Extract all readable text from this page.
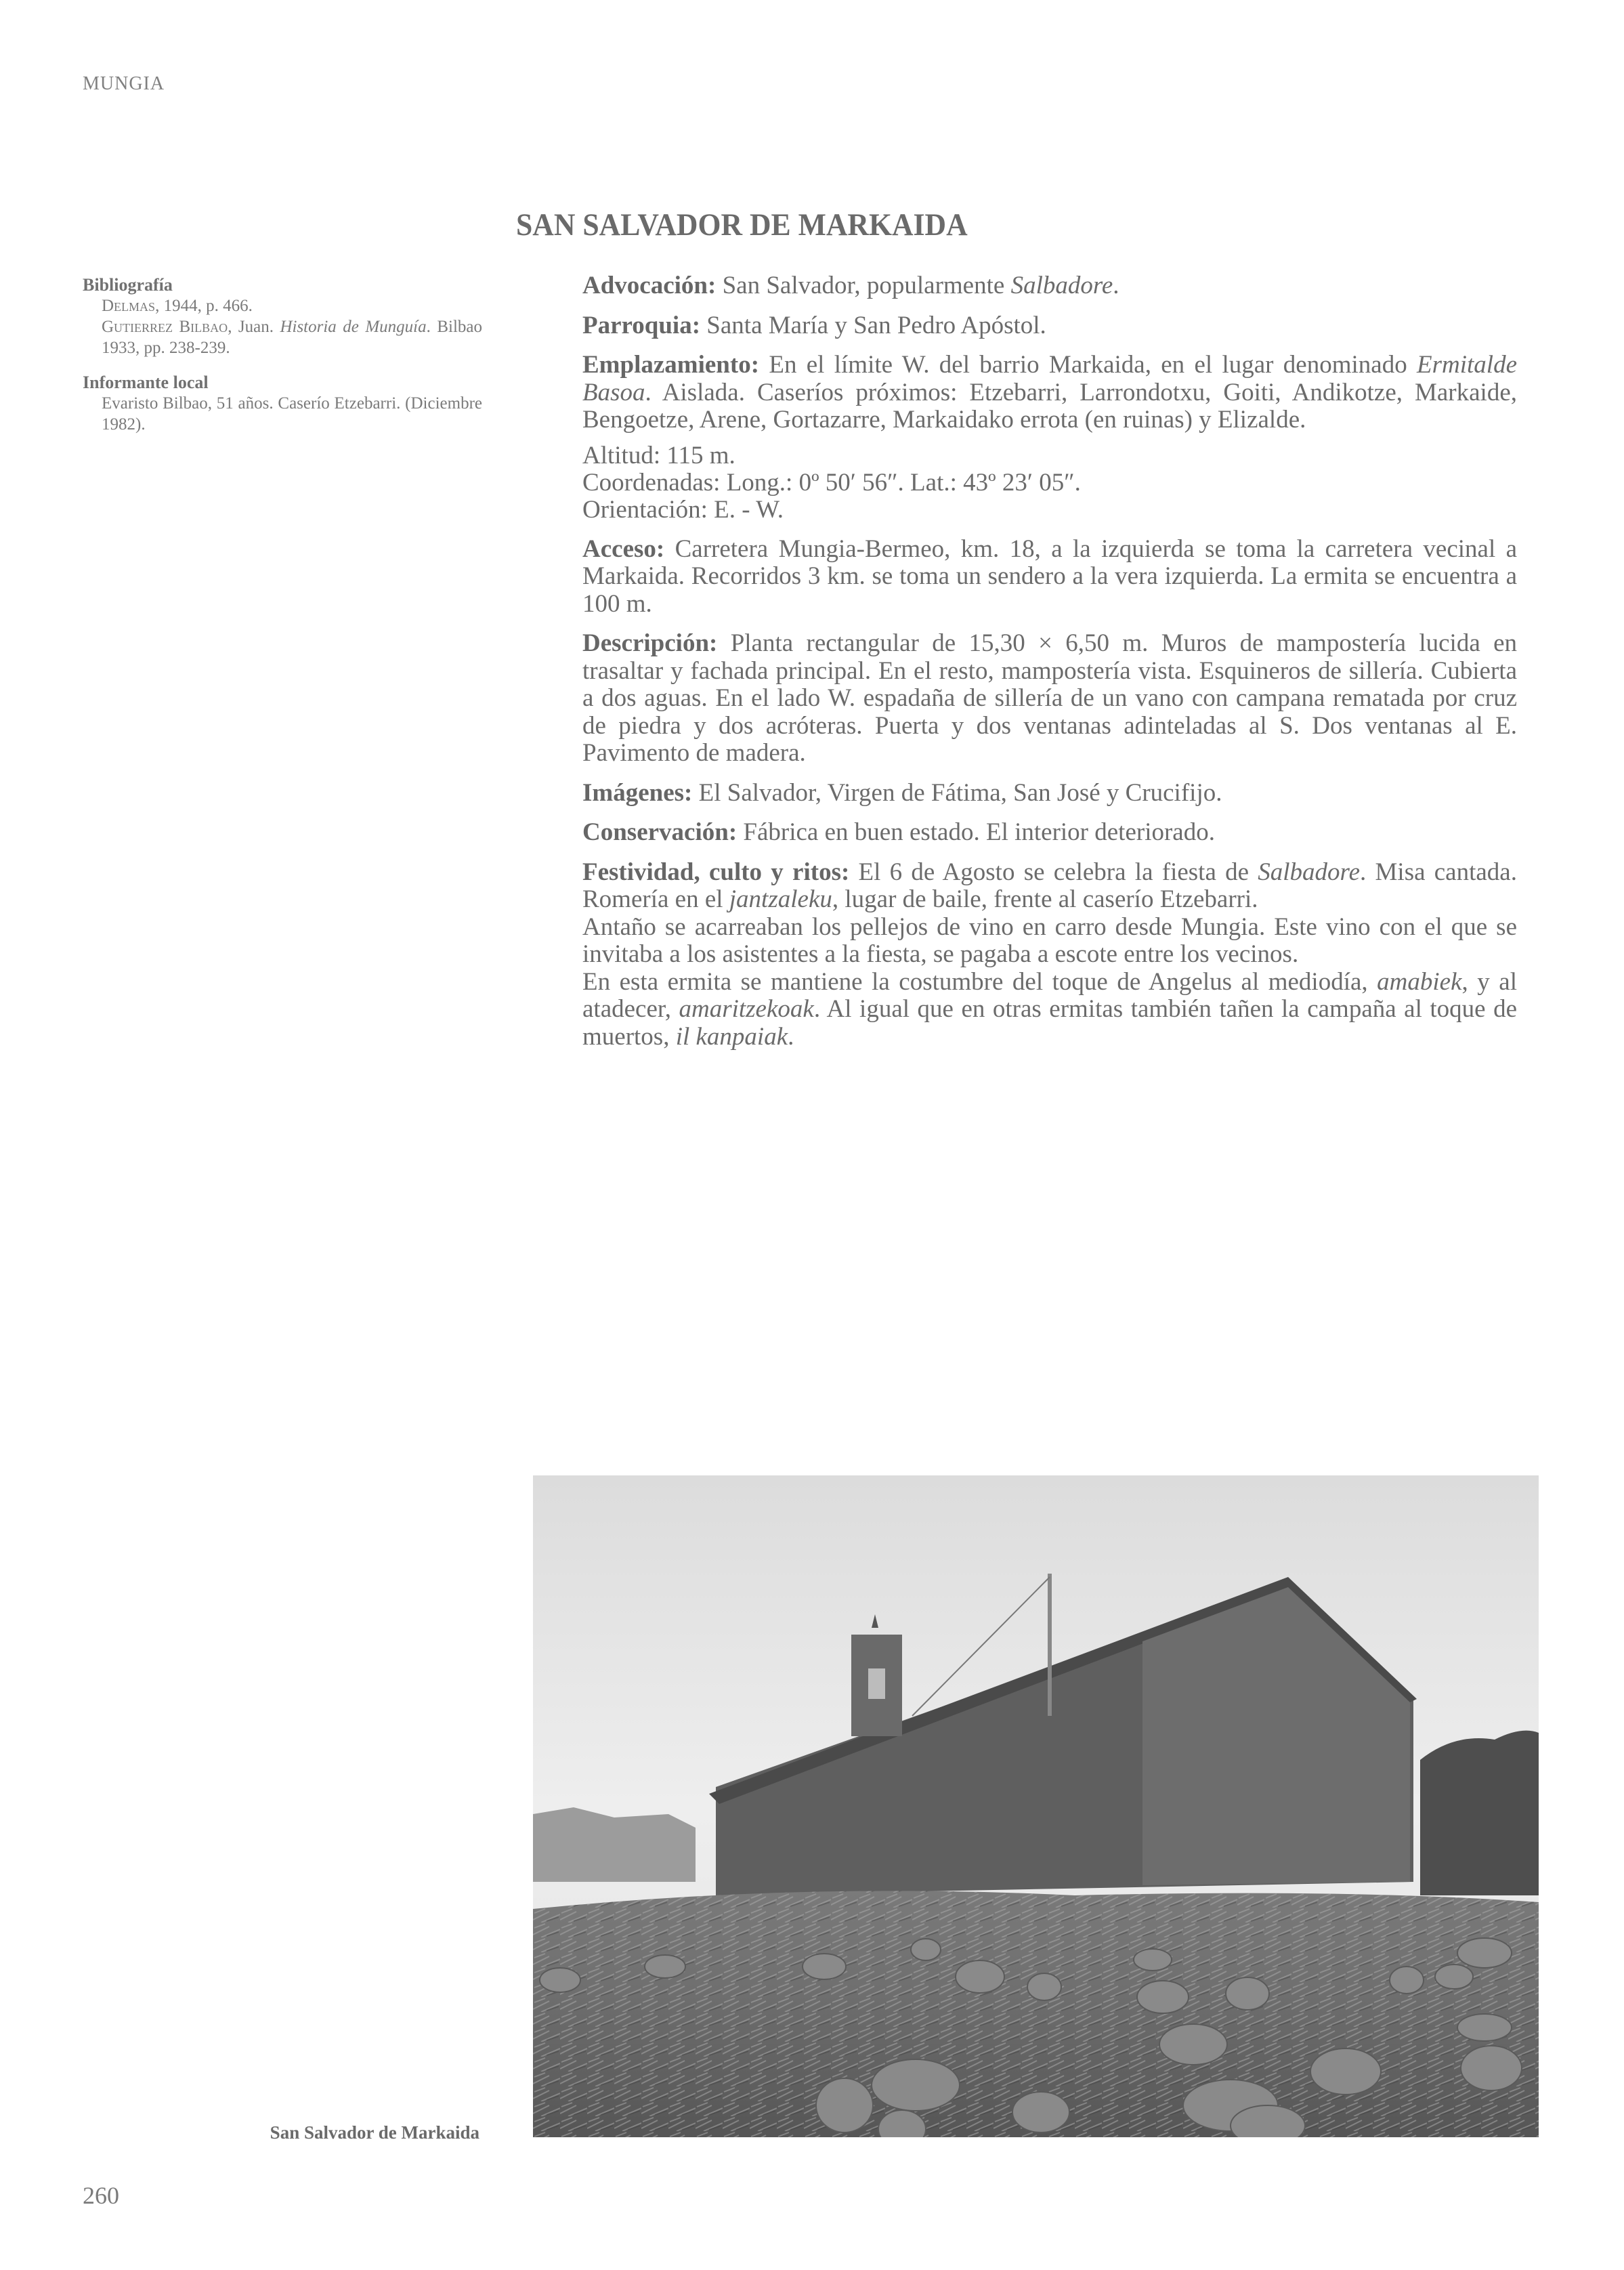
MUNGIA
SAN SALVADOR DE MARKAIDA
Bibliografía
Delmas, 1944, p. 466.
Gutierrez Bilbao, Juan. Historia de Munguía. Bilbao 1933, pp. 238-239.
Informante local
Evaristo Bilbao, 51 años. Caserío Etzebarri. (Diciembre 1982).

Advocación: San Salvador, popularmente Salbadore.

Parroquia: Santa María y San Pedro Apóstol.

Emplazamiento: En el límite W. del barrio Markaida, en el lugar denominado Ermitalde Basoa. Aislada. Caseríos próximos: Etzebarri, Larrondotxu, Goiti, Andikotze, Markaide, Bengoetze, Arene, Gortazarre, Markaidako errota (en ruinas) y Elizalde.

Altitud: 115 m.
Coordenadas: Long.: 0º 50′ 56″. Lat.: 43º 23′ 05″.
Orientación: E. - W.

Acceso: Carretera Mungia-Bermeo, km. 18, a la izquierda se toma la carretera vecinal a Markaida. Recorridos 3 km. se toma un sendero a la vera izquierda. La ermita se encuentra a 100 m.

Descripción: Planta rectangular de 15,30 × 6,50 m. Muros de mampostería lucida en trasaltar y fachada principal. En el resto, mampostería vista. Esquineros de sillería. Cubierta a dos aguas. En el lado W. espadaña de sillería de un vano con campana rematada por cruz de piedra y dos acróteras. Puerta y dos ventanas adinteladas al S. Dos ventanas al E. Pavimento de madera.

Imágenes: El Salvador, Virgen de Fátima, San José y Crucifijo.

Conservación: Fábrica en buen estado. El interior deteriorado.

Festividad, culto y ritos: El 6 de Agosto se celebra la fiesta de Salbadore. Misa cantada. Romería en el jantzaleku, lugar de baile, frente al caserío Etzebarri.

Antaño se acarreaban los pellejos de vino en carro desde Mungia. Este vino con el que se invitaba a los asistentes a la fiesta, se pagaba a escote entre los vecinos.

En esta ermita se mantiene la costumbre del toque de Angelus al mediodía, amabiek, y al atadecer, amaritzekoak. Al igual que en otras ermitas también tañen la campaña al toque de muertos, il kanpaiak.

San Salvador de Markaida
260
